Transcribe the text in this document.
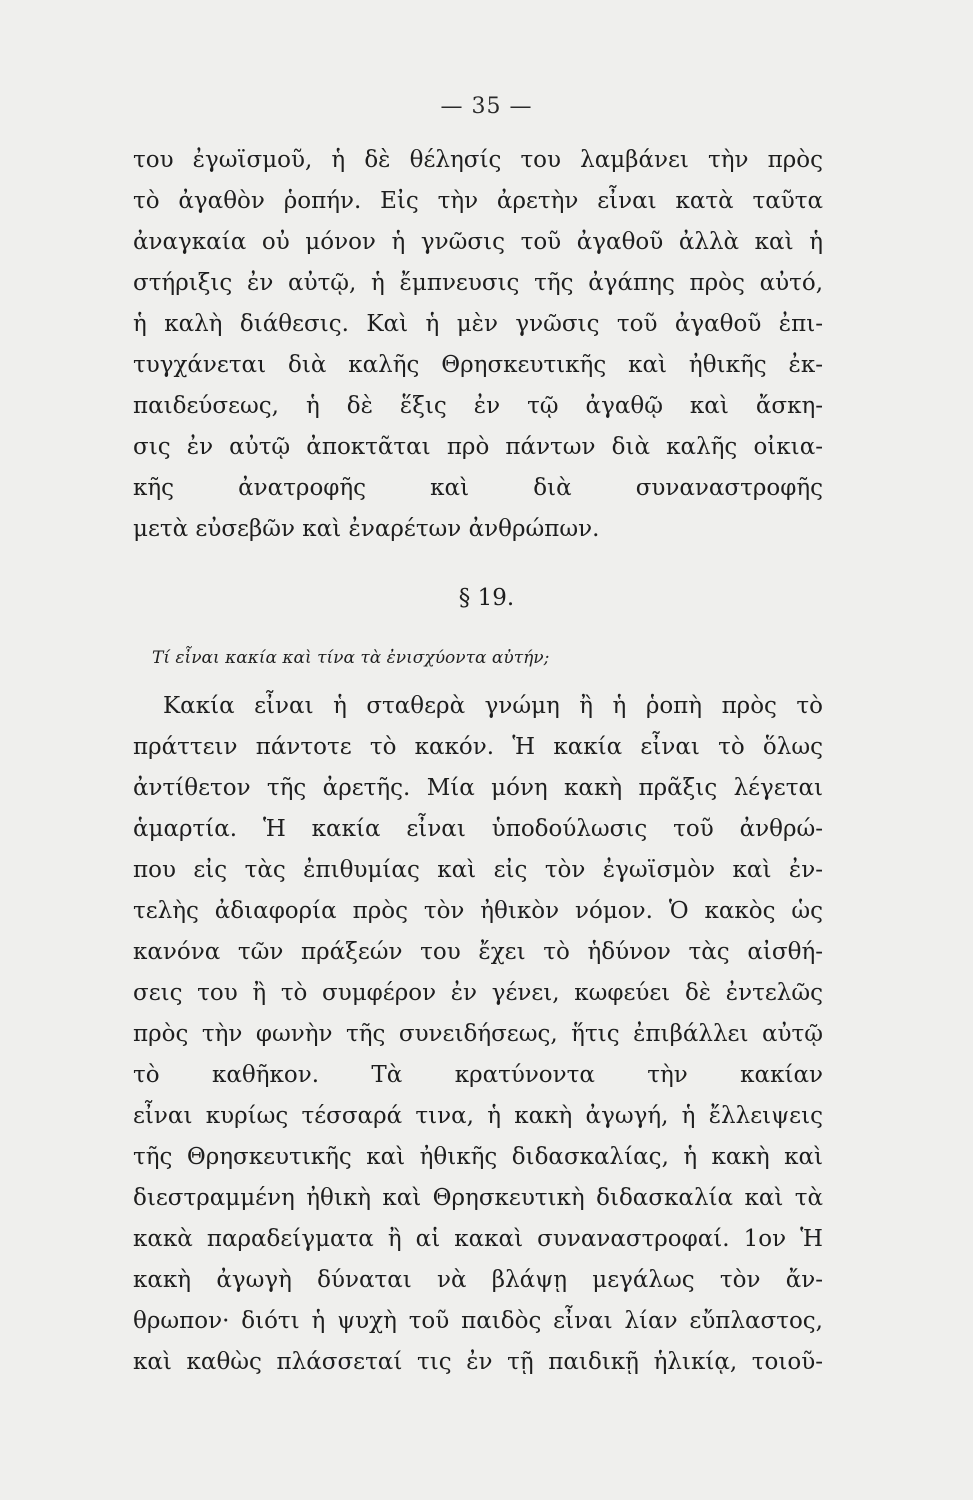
— 35 —
του ἐγωϊσμοῦ, ἡ δὲ θέλησίς του λαμβάνει τὴν πρὸς
τὸ ἀγαθὸν ῥοπήν. Εἰς τὴν ἀρετὴν εἶναι κατὰ ταῦτα
ἀναγκαία οὐ μόνον ἡ γνῶσις τοῦ ἀγαθοῦ ἀλλὰ καὶ ἡ
στήριξις ἐν αὐτῷ, ἡ ἔμπνευσις τῆς ἀγάπης πρὸς αὐτό,
ἡ καλὴ διάθεσις. Καὶ ἡ μὲν γνῶσις τοῦ ἀγαθοῦ ἐπι-
τυγχάνεται διὰ καλῆς Θρησκευτικῆς καὶ ἠθικῆς ἐκ-
παιδεύσεως, ἡ δὲ ἕξις ἐν τῷ ἀγαθῷ καὶ ἄσκη-
σις ἐν αὐτῷ ἀποκτᾶται πρὸ πάντων διὰ καλῆς οἰκια-
κῆς ἀνατροφῆς καὶ διὰ συναναστροφῆς
μετὰ εὐσεβῶν καὶ ἐναρέτων ἀνθρώπων.
§ 19.
Τί εἶναι κακία καὶ τίνα τὰ ἐνισχύοντα αὐτήν;
Κακία εἶναι ἡ σταθερὰ γνώμη ἢ ἡ ῥοπὴ πρὸς τὸ
πράττειν πάντοτε τὸ κακόν. Ἡ κακία εἶναι τὸ ὅλως
ἀντίθετον τῆς ἀρετῆς. Μία μόνη κακὴ πρᾶξις λέγεται
ἁμαρτία. Ἡ κακία εἶναι ὑποδούλωσις τοῦ ἀνθρώ-
που εἰς τὰς ἐπιθυμίας καὶ εἰς τὸν ἐγωϊσμὸν καὶ ἐν-
τελὴς ἀδιαφορία πρὸς τὸν ἠθικὸν νόμον. Ὁ κακὸς ὡς
κανόνα τῶν πράξεών του ἔχει τὸ ἡδύνον τὰς αἰσθή-
σεις του ἢ τὸ συμφέρον ἐν γένει, κωφεύει δὲ ἐντελῶς
πρὸς τὴν φωνὴν τῆς συνειδήσεως, ἥτις ἐπιβάλλει αὐτῷ
τὸ καθῆκον. Τὰ κρατύνοντα τὴν κακίαν
εἶναι κυρίως τέσσαρά τινα, ἡ κακὴ ἀγωγή, ἡ ἔλλειψεις
τῆς Θρησκευτικῆς καὶ ἠθικῆς διδασκαλίας, ἡ κακὴ καὶ
διεστραμμένη ἠθικὴ καὶ Θρησκευτικὴ διδασκαλία καὶ τὰ
κακὰ παραδείγματα ἢ αἱ κακαὶ συναναστροφαί. 1ον Ἡ
κακὴ ἀγωγὴ δύναται νὰ βλάψῃ μεγάλως τὸν ἄν-
θρωπον· διότι ἡ ψυχὴ τοῦ παιδὸς εἶναι λίαν εὔπλαστος,
καὶ καθὼς πλάσσεταί τις ἐν τῇ παιδικῇ ἡλικίᾳ, τοιοῦ-
